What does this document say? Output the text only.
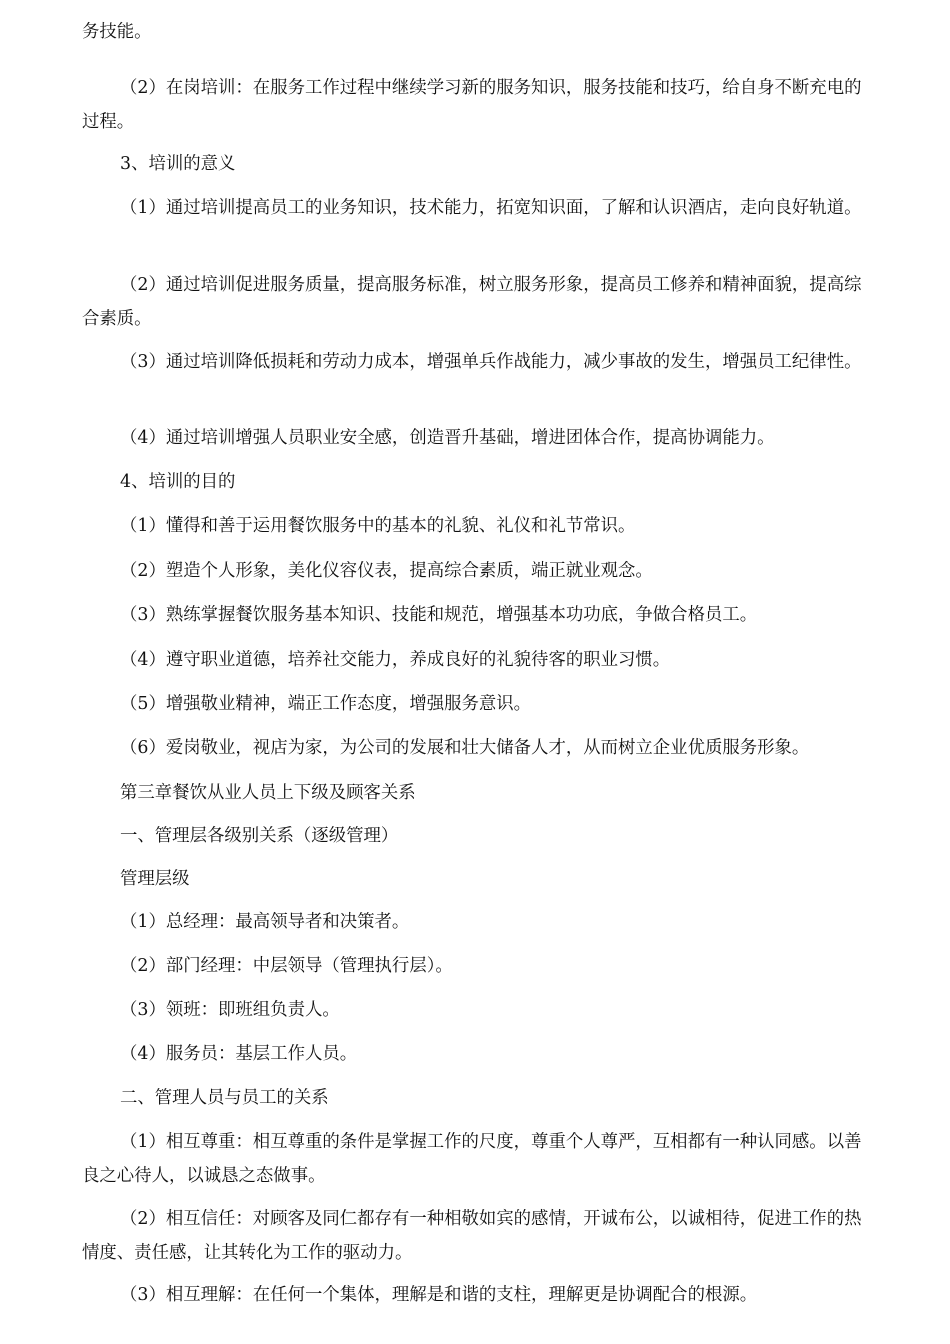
务技能。

（2）在岗培训：在服务工作过程中继续学习新的服务知识，服务技能和技巧，给自身不断充电的过程。

3、培训的意义

（1）通过培训提高员工的业务知识，技术能力，拓宽知识面，了解和认识酒店，走向良好轨道。

（2）通过培训促进服务质量，提高服务标准，树立服务形象，提高员工修养和精神面貌，提高综合素质。

（3）通过培训降低损耗和劳动力成本，增强单兵作战能力，减少事故的发生，增强员工纪律性。

（4）通过培训增强人员职业安全感，创造晋升基础，增进团体合作，提高协调能力。

4、培训的目的

（1）懂得和善于运用餐饮服务中的基本的礼貌、礼仪和礼节常识。

（2）塑造个人形象，美化仪容仪表，提高综合素质，端正就业观念。

（3）熟练掌握餐饮服务基本知识、技能和规范，增强基本功功底，争做合格员工。

（4）遵守职业道德，培养社交能力，养成良好的礼貌待客的职业习惯。

（5）增强敬业精神，端正工作态度，增强服务意识。

（6）爱岗敬业，视店为家，为公司的发展和壮大储备人才，从而树立企业优质服务形象。

第三章餐饮从业人员上下级及顾客关系

一、管理层各级别关系（逐级管理）

管理层级

（1）总经理：最高领导者和决策者。

（2）部门经理：中层领导（管理执行层）。

（3）领班：即班组负责人。

（4）服务员：基层工作人员。

二、管理人员与员工的关系

（1）相互尊重：相互尊重的条件是掌握工作的尺度，尊重个人尊严，互相都有一种认同感。以善良之心待人，以诚恳之态做事。

（2）相互信任：对顾客及同仁都存有一种相敬如宾的感情，开诚布公，以诚相待，促进工作的热情度、责任感，让其转化为工作的驱动力。

（3）相互理解：在任何一个集体，理解是和谐的支柱，理解更是协调配合的根源。
